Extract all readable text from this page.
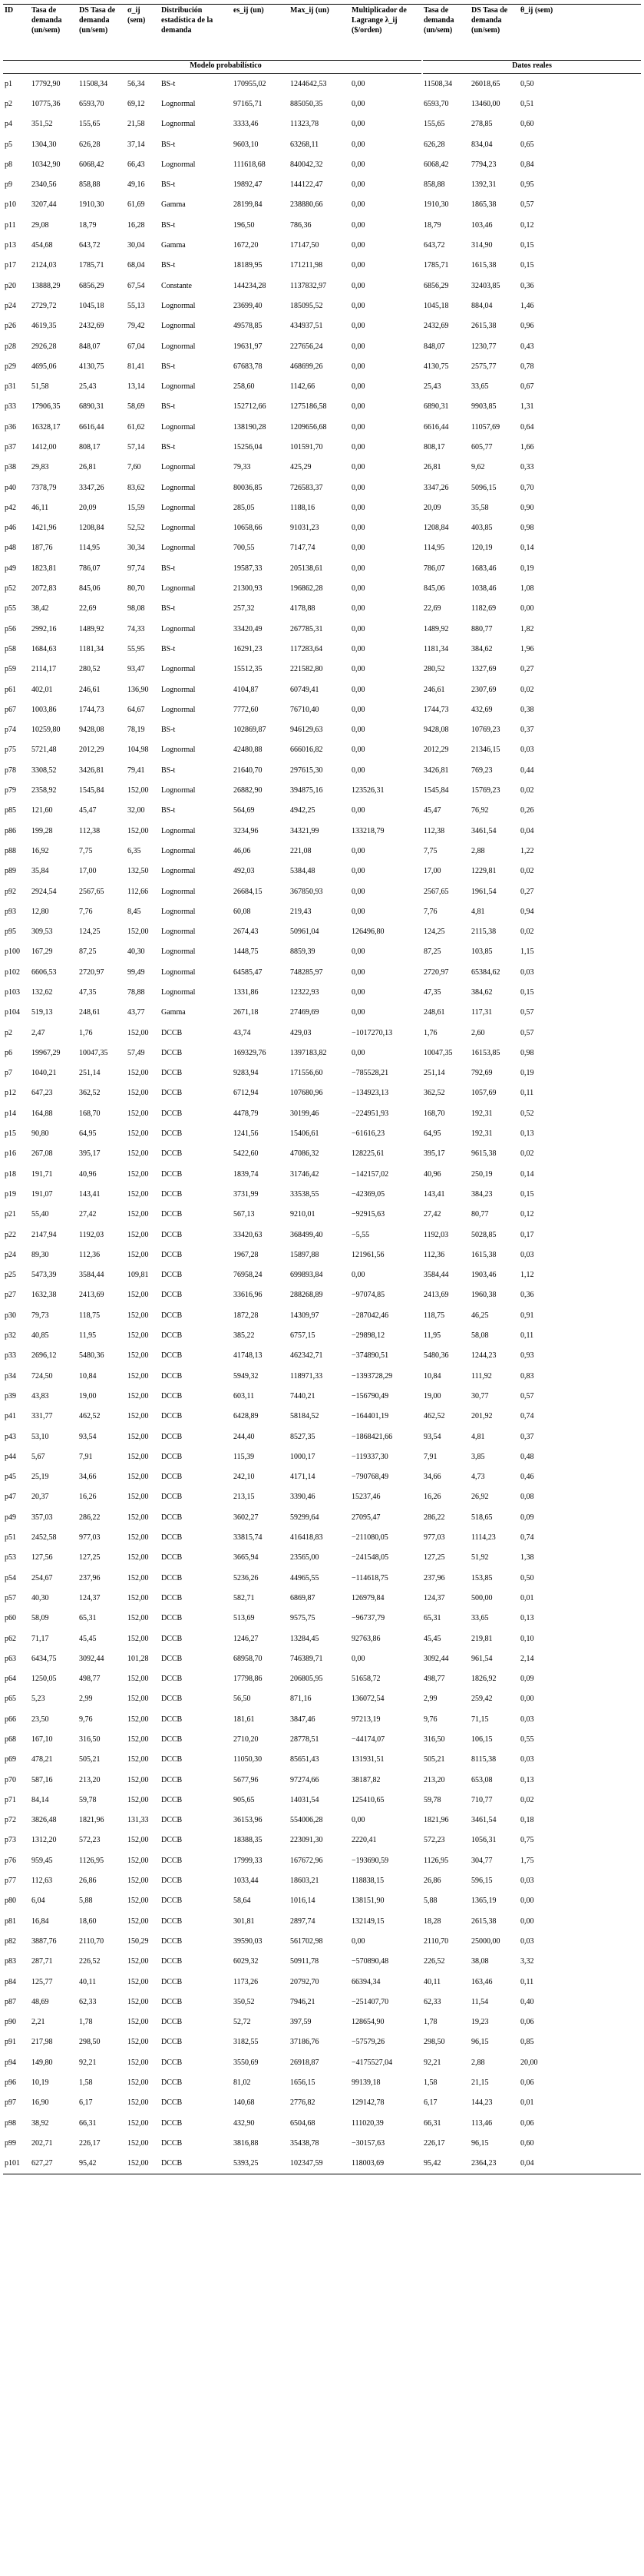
ID	Tasa de demanda (un/sem)	DS Tasa de demanda (un/sem)	σ_ij (sem)	Distribución estadística de la demanda	es_ij (un)	Max_ij (un)	Multiplicador de Lagrange λ_ij ($/orden)	Tasa de demanda (un/sem)	DS Tasa de demanda (un/sem)	θ_ij (sem)
	Modelo probabilístico							Datos reales		
p1	17792,90	11508,34	56,34	BS-t	170955,02	1244642,53	0,00	11508,34	26018,65	0,50
p2	10775,36	6593,70	69,12	Lognormal	97165,71	885050,35	0,00	6593,70	13460,00	0,51
p4	351,52	155,65	21,58	Lognormal	3333,46	11323,78	0,00	155,65	278,85	0,60
p5	1304,30	626,28	37,14	BS-t	9603,10	63268,11	0,00	626,28	834,04	0,65
p8	10342,90	6068,42	66,43	Lognormal	111618,68	840042,32	0,00	6068,42	7794,23	0,84
p9	2340,56	858,88	49,16	BS-t	19892,47	144122,47	0,00	858,88	1392,31	0,95
p10	3207,44	1910,30	61,69	Gamma	28199,84	238880,66	0,00	1910,30	1865,38	0,57
p11	29,08	18,79	16,28	BS-t	196,50	786,36	0,00	18,79	103,46	0,12
p13	454,68	643,72	30,04	Gamma	1672,20	17147,50	0,00	643,72	314,90	0,15
p17	2124,03	1785,71	68,04	BS-t	18189,95	171211,98	0,00	1785,71	1615,38	0,15
p20	13888,29	6856,29	67,54	Constante	144234,28	1137832,97	0,00	6856,29	32403,85	0,36
p24	2729,72	1045,18	55,13	Lognormal	23699,40	185095,52	0,00	1045,18	884,04	1,46
p26	4619,35	2432,69	79,42	Lognormal	49578,85	434937,51	0,00	2432,69	2615,38	0,96
p28	2926,28	848,07	67,04	Lognormal	19631,97	227656,24	0,00	848,07	1230,77	0,43
p29	4695,06	4130,75	81,41	BS-t	67683,78	468699,26	0,00	4130,75	2575,77	0,78
p31	51,58	25,43	13,14	Lognormal	258,60	1142,66	0,00	25,43	33,65	0,67
p33	17906,35	6890,31	58,69	BS-t	152712,66	1275186,58	0,00	6890,31	9903,85	1,31
p36	16328,17	6616,44	61,62	Lognormal	138190,28	1209656,68	0,00	6616,44	11057,69	0,64
p37	1412,00	808,17	57,14	BS-t	15256,04	101591,70	0,00	808,17	605,77	1,66
p38	29,83	26,81	7,60	Lognormal	79,33	425,29	0,00	26,81	9,62	0,33
p40	7378,79	3347,26	83,62	Lognormal	80036,85	726583,37	0,00	3347,26	5096,15	0,70
p42	46,11	20,09	15,59	Lognormal	285,05	1188,16	0,00	20,09	35,58	0,90
p46	1421,96	1208,84	52,52	Lognormal	10658,66	91031,23	0,00	1208,84	403,85	0,98
p48	187,76	114,95	30,34	Lognormal	700,55	7147,74	0,00	114,95	120,19	0,14
p49	1823,81	786,07	97,74	BS-t	19587,33	205138,61	0,00	786,07	1683,46	0,19
p52	2072,83	845,06	80,70	Lognormal	21300,93	196862,28	0,00	845,06	1038,46	1,08
p55	38,42	22,69	98,08	BS-t	257,32	4178,88	0,00	22,69	1182,69	0,00
p56	2992,16	1489,92	74,33	Lognormal	33420,49	267785,31	0,00	1489,92	880,77	1,82
p58	1684,63	1181,34	55,95	BS-t	16291,23	117283,64	0,00	1181,34	384,62	1,96
p59	2114,17	280,52	93,47	Lognormal	15512,35	221582,80	0,00	280,52	1327,69	0,27
p61	402,01	246,61	136,90	Lognormal	4104,87	60749,41	0,00	246,61	2307,69	0,02
p67	1003,86	1744,73	64,67	Lognormal	7772,60	76710,40	0,00	1744,73	432,69	0,38
p74	10259,80	9428,08	78,19	BS-t	102869,87	946129,63	0,00	9428,08	10769,23	0,37
p75	5721,48	2012,29	104,98	Lognormal	42480,88	666016,82	0,00	2012,29	21346,15	0,03
p78	3308,52	3426,81	79,41	BS-t	21640,70	297615,30	0,00	3426,81	769,23	0,44
p79	2358,92	1545,84	152,00	Lognormal	26882,90	394875,16	123526,31	1545,84	15769,23	0,02
p85	121,60	45,47	32,00	BS-t	564,69	4942,25	0,00	45,47	76,92	0,26
p86	199,28	112,38	152,00	Lognormal	3234,96	34321,99	133218,79	112,38	3461,54	0,04
p88	16,92	7,75	6,35	Lognormal	46,06	221,08	0,00	7,75	2,88	1,22
p89	35,84	17,00	132,50	Lognormal	492,03	5384,48	0,00	17,00	1229,81	0,02
p92	2924,54	2567,65	112,66	Lognormal	26684,15	367850,93	0,00	2567,65	1961,54	0,27
p93	12,80	7,76	8,45	Lognormal	60,08	219,43	0,00	7,76	4,81	0,94
p95	309,53	124,25	152,00	Lognormal	2674,43	50961,04	126496,80	124,25	2115,38	0,02
p100	167,29	87,25	40,30	Lognormal	1448,75	8859,39	0,00	87,25	103,85	1,15
p102	6606,53	2720,97	99,49	Lognormal	64585,47	748285,97	0,00	2720,97	65384,62	0,03
p103	132,62	47,35	78,88	Lognormal	1331,86	12322,93	0,00	47,35	384,62	0,15
p104	519,13	248,61	43,77	Gamma	2671,18	27469,69	0,00	248,61	117,31	0,57
p2	2,47	1,76	152,00	DCCB	43,74	429,03	−1017270,13	1,76	2,60	0,57
p6	19967,29	10047,35	57,49	DCCB	169329,76	1397183,82	0,00	10047,35	16153,85	0,98
p7	1040,21	251,14	152,00	DCCB	9283,94	171556,60	−785528,21	251,14	792,69	0,19
p12	647,23	362,52	152,00	DCCB	6712,94	107680,96	−134923,13	362,52	1057,69	0,11
p14	164,88	168,70	152,00	DCCB	4478,79	30199,46	−224951,93	168,70	192,31	0,52
p15	90,80	64,95	152,00	DCCB	1241,56	15406,61	−61616,23	64,95	192,31	0,13
p16	267,08	395,17	152,00	DCCB	5422,60	47086,32	128225,61	395,17	9615,38	0,02
p18	191,71	40,96	152,00	DCCB	1839,74	31746,42	−142157,02	40,96	250,19	0,14
p19	191,07	143,41	152,00	DCCB	3731,99	33538,55	−42369,05	143,41	384,23	0,15
p21	55,40	27,42	152,00	DCCB	567,13	9210,01	−92915,63	27,42	80,77	0,12
p22	2147,94	1192,03	152,00	DCCB	33420,63	368499,40	−5,55	1192,03	5028,85	0,17
p24	89,30	112,36	152,00	DCCB	1967,28	15897,88	121961,56	112,36	1615,38	0,03
p25	5473,39	3584,44	109,81	DCCB	76958,24	699893,84	0,00	3584,44	1903,46	1,12
p27	1632,38	2413,69	152,00	DCCB	33616,96	288268,89	−97074,85	2413,69	1960,38	0,36
p30	79,73	118,75	152,00	DCCB	1872,28	14309,97	−287042,46	118,75	46,25	0,91
p32	40,85	11,95	152,00	DCCB	385,22	6757,15	−29898,12	11,95	58,08	0,11
p33	2696,12	5480,36	152,00	DCCB	41748,13	462342,71	−374890,51	5480,36	1244,23	0,93
p34	724,50	10,84	152,00	DCCB	5949,32	118971,33	−1393728,29	10,84	111,92	0,83
p39	43,83	19,00	152,00	DCCB	603,11	7440,21	−156790,49	19,00	30,77	0,57
p41	331,77	462,52	152,00	DCCB	6428,89	58184,52	−164401,19	462,52	201,92	0,74
p43	53,10	93,54	152,00	DCCB	244,40	8527,35	−1868421,66	93,54	4,81	0,37
p44	5,67	7,91	152,00	DCCB	115,39	1000,17	−119337,30	7,91	3,85	0,48
p45	25,19	34,66	152,00	DCCB	242,10	4171,14	−790768,49	34,66	4,73	0,46
p47	20,37	16,26	152,00	DCCB	213,15	3390,46	15237,46	16,26	26,92	0,08
p49	357,03	286,22	152,00	DCCB	3602,27	59299,64	27095,47	286,22	518,65	0,09
p51	2452,58	977,03	152,00	DCCB	33815,74	416418,83	−211080,05	977,03	1114,23	0,74
p53	127,56	127,25	152,00	DCCB	3665,94	23565,00	−241548,05	127,25	51,92	1,38
p54	254,67	237,96	152,00	DCCB	5236,26	44965,55	−114618,75	237,96	153,85	0,50
p57	40,30	124,37	152,00	DCCB	582,71	6869,87	126979,84	124,37	500,00	0,01
p60	58,09	65,31	152,00	DCCB	513,69	9575,75	−96737,79	65,31	33,65	0,13
p62	71,17	45,45	152,00	DCCB	1246,27	13284,45	92763,86	45,45	219,81	0,10
p63	6434,75	3092,44	101,28	DCCB	68958,70	746389,71	0,00	3092,44	961,54	2,14
p64	1250,05	498,77	152,00	DCCB	17798,86	206805,95	51658,72	498,77	1826,92	0,09
p65	5,23	2,99	152,00	DCCB	56,50	871,16	136072,54	2,99	259,42	0,00
p66	23,50	9,76	152,00	DCCB	181,61	3847,46	97213,19	9,76	71,15	0,03
p68	167,10	316,50	152,00	DCCB	2710,20	28778,51	−44174,07	316,50	106,15	0,55
p69	478,21	505,21	152,00	DCCB	11050,30	85651,43	131931,51	505,21	8115,38	0,03
p70	587,16	213,20	152,00	DCCB	5677,96	97274,66	38187,82	213,20	653,08	0,13
p71	84,14	59,78	152,00	DCCB	905,65	14031,54	125410,65	59,78	710,77	0,02
p72	3826,48	1821,96	131,33	DCCB	36153,96	554006,28	0,00	1821,96	3461,54	0,18
p73	1312,20	572,23	152,00	DCCB	18388,35	223091,30	2220,41	572,23	1056,31	0,75
p76	959,45	1126,95	152,00	DCCB	17999,33	167672,96	−193690,59	1126,95	304,77	1,75
p77	112,63	26,86	152,00	DCCB	1033,44	18603,21	118838,15	26,86	596,15	0,03
p80	6,04	5,88	152,00	DCCB	58,64	1016,14	138151,90	5,88	1365,19	0,00
p81	16,84	18,60	152,00	DCCB	301,81	2897,74	132149,15	18,28	2615,38	0,00
p82	3887,76	2110,70	150,29	DCCB	39590,03	561702,98	0,00	2110,70	25000,00	0,03
p83	287,71	226,52	152,00	DCCB	6029,32	50911,78	−570890,48	226,52	38,08	3,32
p84	125,77	40,11	152,00	DCCB	1173,26	20792,70	66394,34	40,11	163,46	0,11
p87	48,69	62,33	152,00	DCCB	350,52	7946,21	−251407,70	62,33	11,54	0,40
p90	2,21	1,78	152,00	DCCB	52,72	397,59	128654,90	1,78	19,23	0,06
p91	217,98	298,50	152,00	DCCB	3182,55	37186,76	−57579,26	298,50	96,15	0,85
p94	149,80	92,21	152,00	DCCB	3550,69	26918,87	−4175527,04	92,21	2,88	20,00
p96	10,19	1,58	152,00	DCCB	81,02	1656,15	99139,18	1,58	21,15	0,06
p97	16,90	6,17	152,00	DCCB	140,68	2776,82	129142,78	6,17	144,23	0,01
p98	38,92	66,31	152,00	DCCB	432,90	6504,68	111020,39	66,31	113,46	0,06
p99	202,71	226,17	152,00	DCCB	3816,88	35438,78	−30157,63	226,17	96,15	0,60
p101	627,27	95,42	152,00	DCCB	5393,25	102347,59	118003,69	95,42	2364,23	0,04
